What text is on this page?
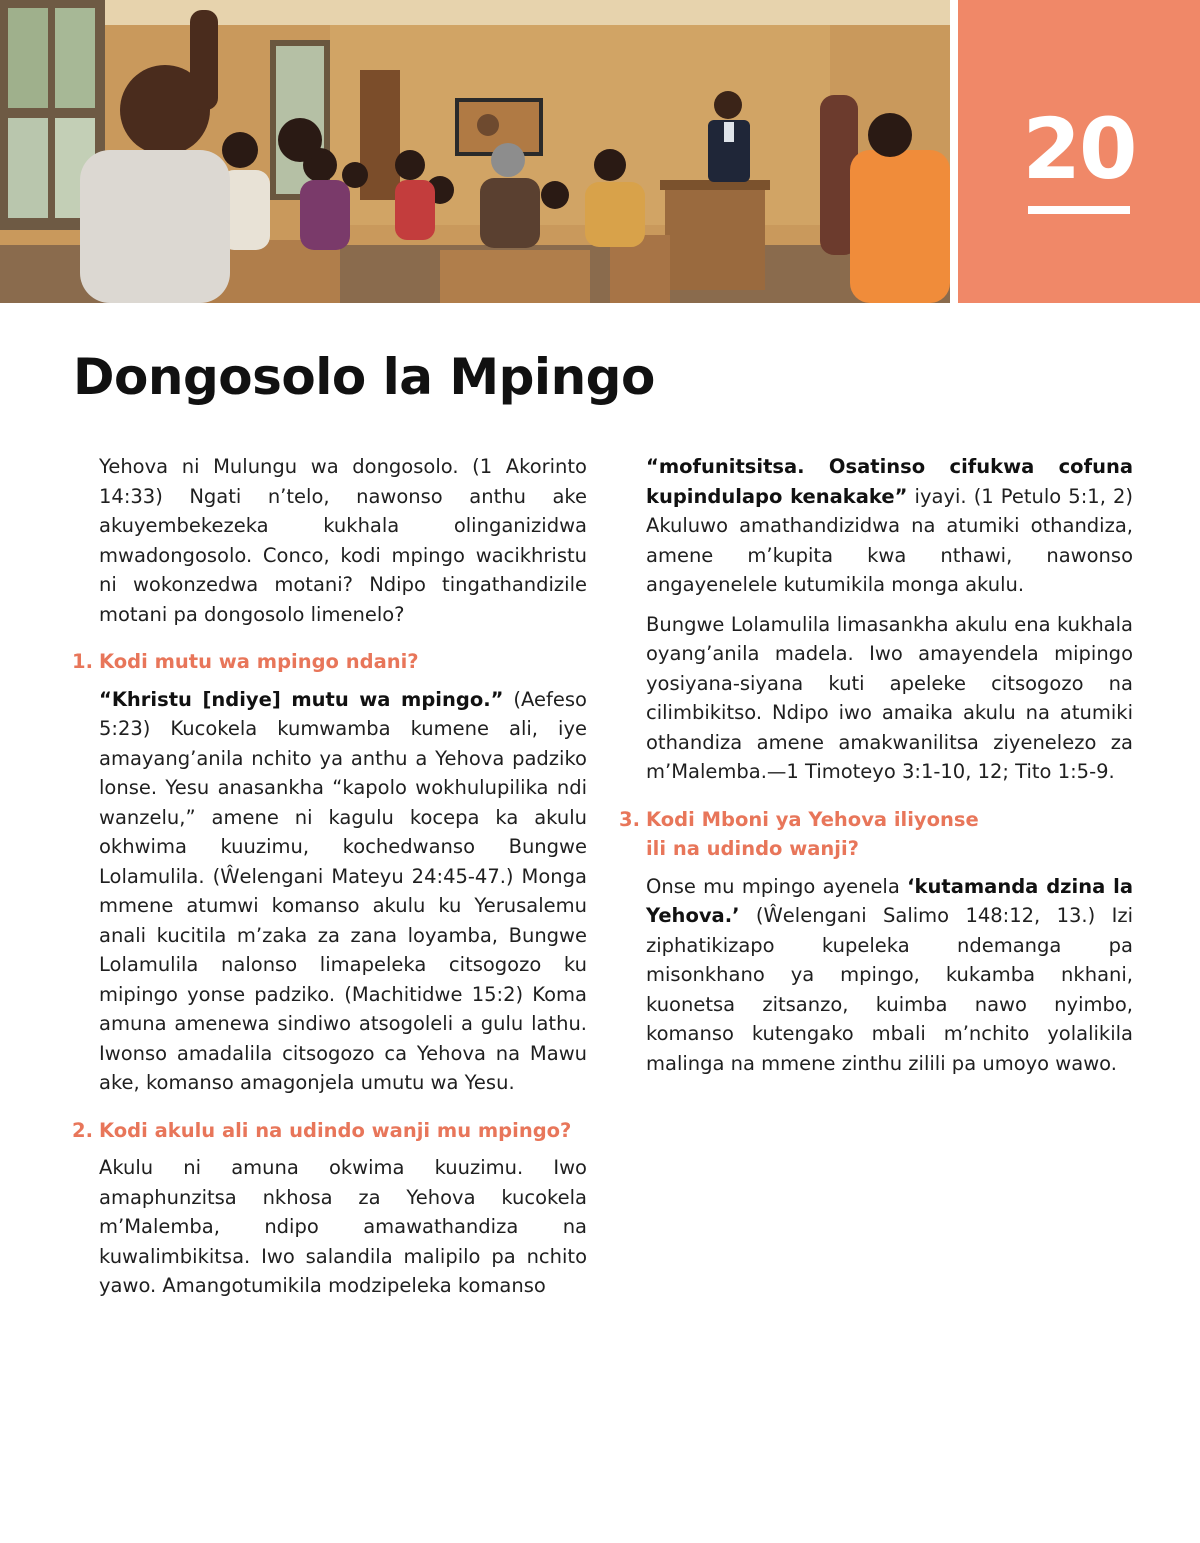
20
Dongosolo la Mpingo

Yehova ni Mulungu wa dongosolo. (1 Akorinto 14:33) Ngati n’telo, nawonso anthu ake akuyembekezeka kukhala olinganizidwa mwadongosolo. Conco, kodi mpingo wacikhristu ni wokonzedwa motani? Ndipo tingathandizile motani pa dongosolo limenelo?

1. Kodi mutu wa mpingo ndani?

“Khristu [ndiye] mutu wa mpingo.” (Aefeso 5:23) Kucokela kumwamba kumene ali, iye amayang’anila nchito ya anthu a Yehova padziko lonse. Yesu anasankha “kapolo wokhulupilika ndi wanzelu,” amene ni kagulu kocepa ka akulu okhwima kuuzimu, kochedwanso Bungwe Lolamulila. (Ŵelengani Mateyu 24:45-47.) Monga mmene atumwi komanso akulu ku Yerusalemu anali kucitila m’zaka za zana loyamba, Bungwe Lolamulila nalonso limapeleka citsogozo ku mipingo yonse padziko. (Machitidwe 15:2) Koma amuna amenewa sindiwo atsogoleli a gulu lathu. Iwonso amadalila citsogozo ca Yehova na Mawu ake, komanso amagonjela umutu wa Yesu.

2. Kodi akulu ali na udindo wanji mu mpingo?

Akulu ni amuna okwima kuuzimu. Iwo amaphunzitsa nkhosa za Yehova kucokela m’Malemba, ndipo amawathandiza na kuwalimbikitsa. Iwo salandila malipilo pa nchito yawo. Amangotumikila modzipeleka komanso

“mofunitsitsa. Osatinso cifukwa cofuna kupindulapo kenakake” iyayi. (1 Petulo 5:1, 2) Akuluwo amathandizidwa na atumiki othandiza, amene m’kupita kwa nthawi, nawonso angayenelele kutumikila monga akulu.

Bungwe Lolamulila limasankha akulu ena kukhala oyang’anila madela. Iwo amayendela mipingo yosiyana-siyana kuti apeleke citsogozo na cilimbikitso. Ndipo iwo amaika akulu na atumiki othandiza amene amakwanilitsa ziyenelezo za m’Malemba.—1 Timoteyo 3:1-10, 12; Tito 1:5-9.

3. Kodi Mboni ya Yehova iliyonse
ili na udindo wanji?

Onse mu mpingo ayenela ‘kutamanda dzina la Yehova.’ (Ŵelengani Salimo 148:12, 13.) Izi ziphatikizapo kupeleka ndemanga pa misonkhano ya mpingo, kukamba nkhani, kuonetsa zitsanzo, kuimba nawo nyimbo, komanso kutengako mbali m’nchito yolalikila malinga na mmene zinthu zilili pa umoyo wawo.
